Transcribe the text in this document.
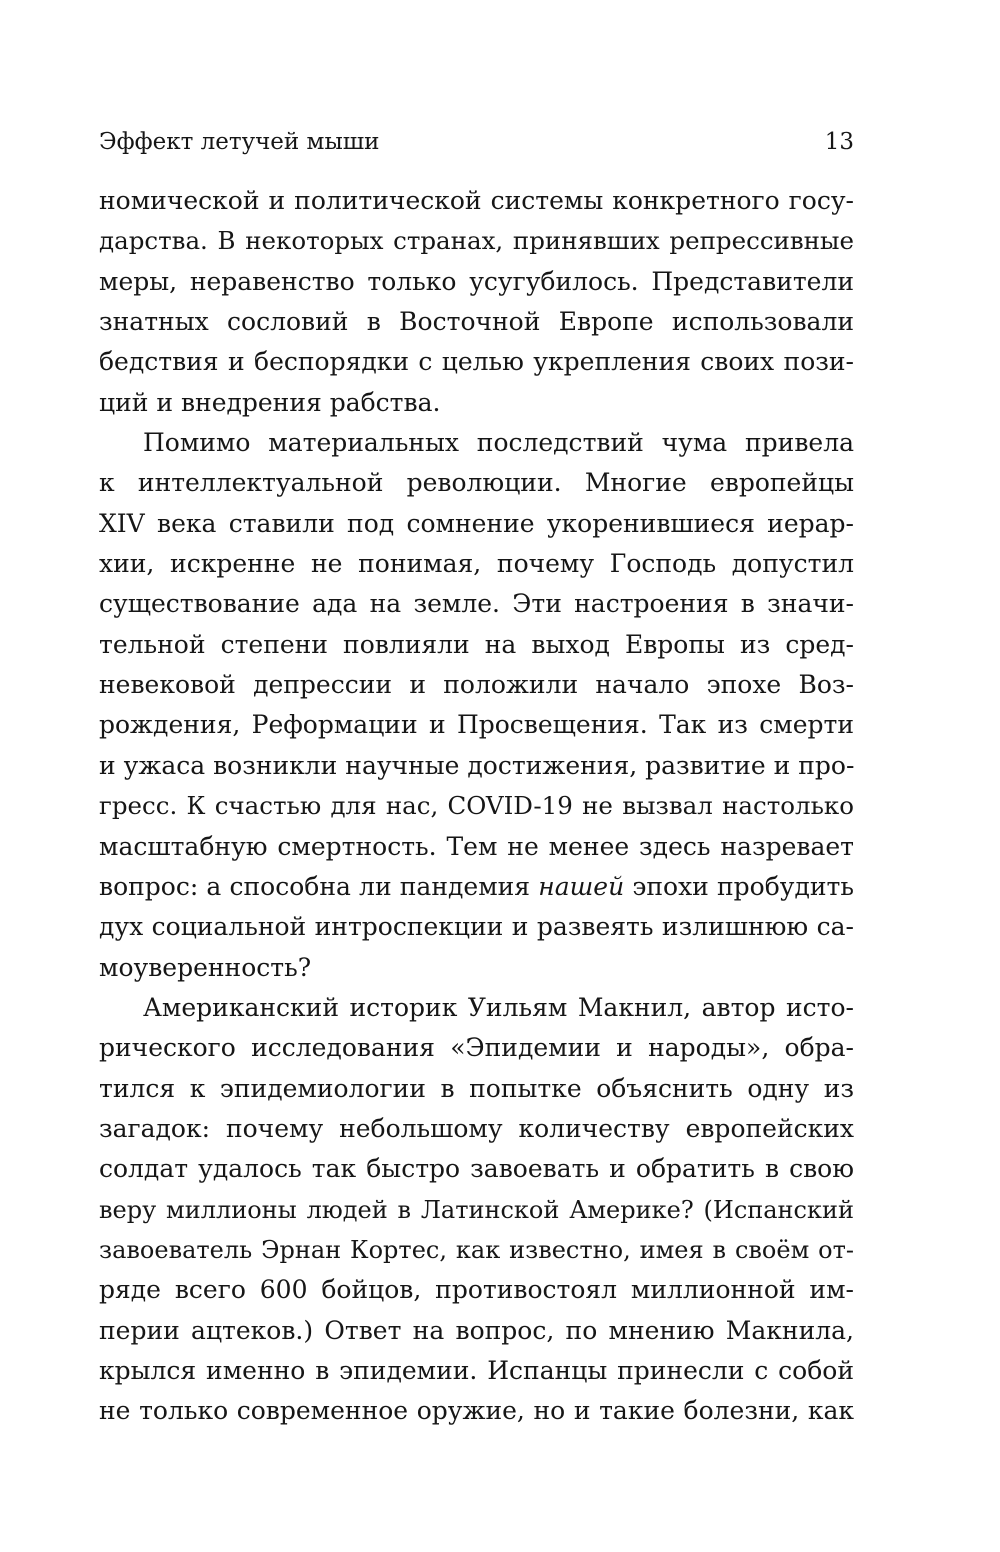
Эффект летучей мыши	13
номической и политической системы конкретного госу-
дарства. В некоторых странах, принявших репрессивные
меры, неравенство только усугубилось. Представители
знатных сословий в Восточной Европе использовали
бедствия и беспорядки с целью укрепления своих пози-
ций и внедрения рабства.
Помимо материальных последствий чума привела
к интеллектуальной революции. Многие европейцы
XIV века ставили под сомнение укоренившиеся иерар-
хии, искренне не понимая, почему Господь допустил
существование ада на земле. Эти настроения в значи-
тельной степени повлияли на выход Европы из сред-
невековой депрессии и положили начало эпохе Воз-
рождения, Реформации и Просвещения. Так из смерти
и ужаса возникли научные достижения, развитие и про-
гресс. К счастью для нас, COVID-19 не вызвал настолько
масштабную смертность. Тем не менее здесь назревает
вопрос: а способна ли пандемия нашей эпохи пробудить
дух социальной интроспекции и развеять излишнюю са-
моуверенность?
Американский историк Уильям Макнил, автор исто-
рического исследования «Эпидемии и народы», обра-
тился к эпидемиологии в попытке объяснить одну из
загадок: почему небольшому количеству европейских
солдат удалось так быстро завоевать и обратить в свою
веру миллионы людей в Латинской Америке? (Испанский
завоеватель Эрнан Кортес, как известно, имея в своём от-
ряде всего 600 бойцов, противостоял миллионной им-
перии ацтеков.) Ответ на вопрос, по мнению Макнила,
крылся именно в эпидемии. Испанцы принесли с собой
не только современное оружие, но и такие болезни, как
